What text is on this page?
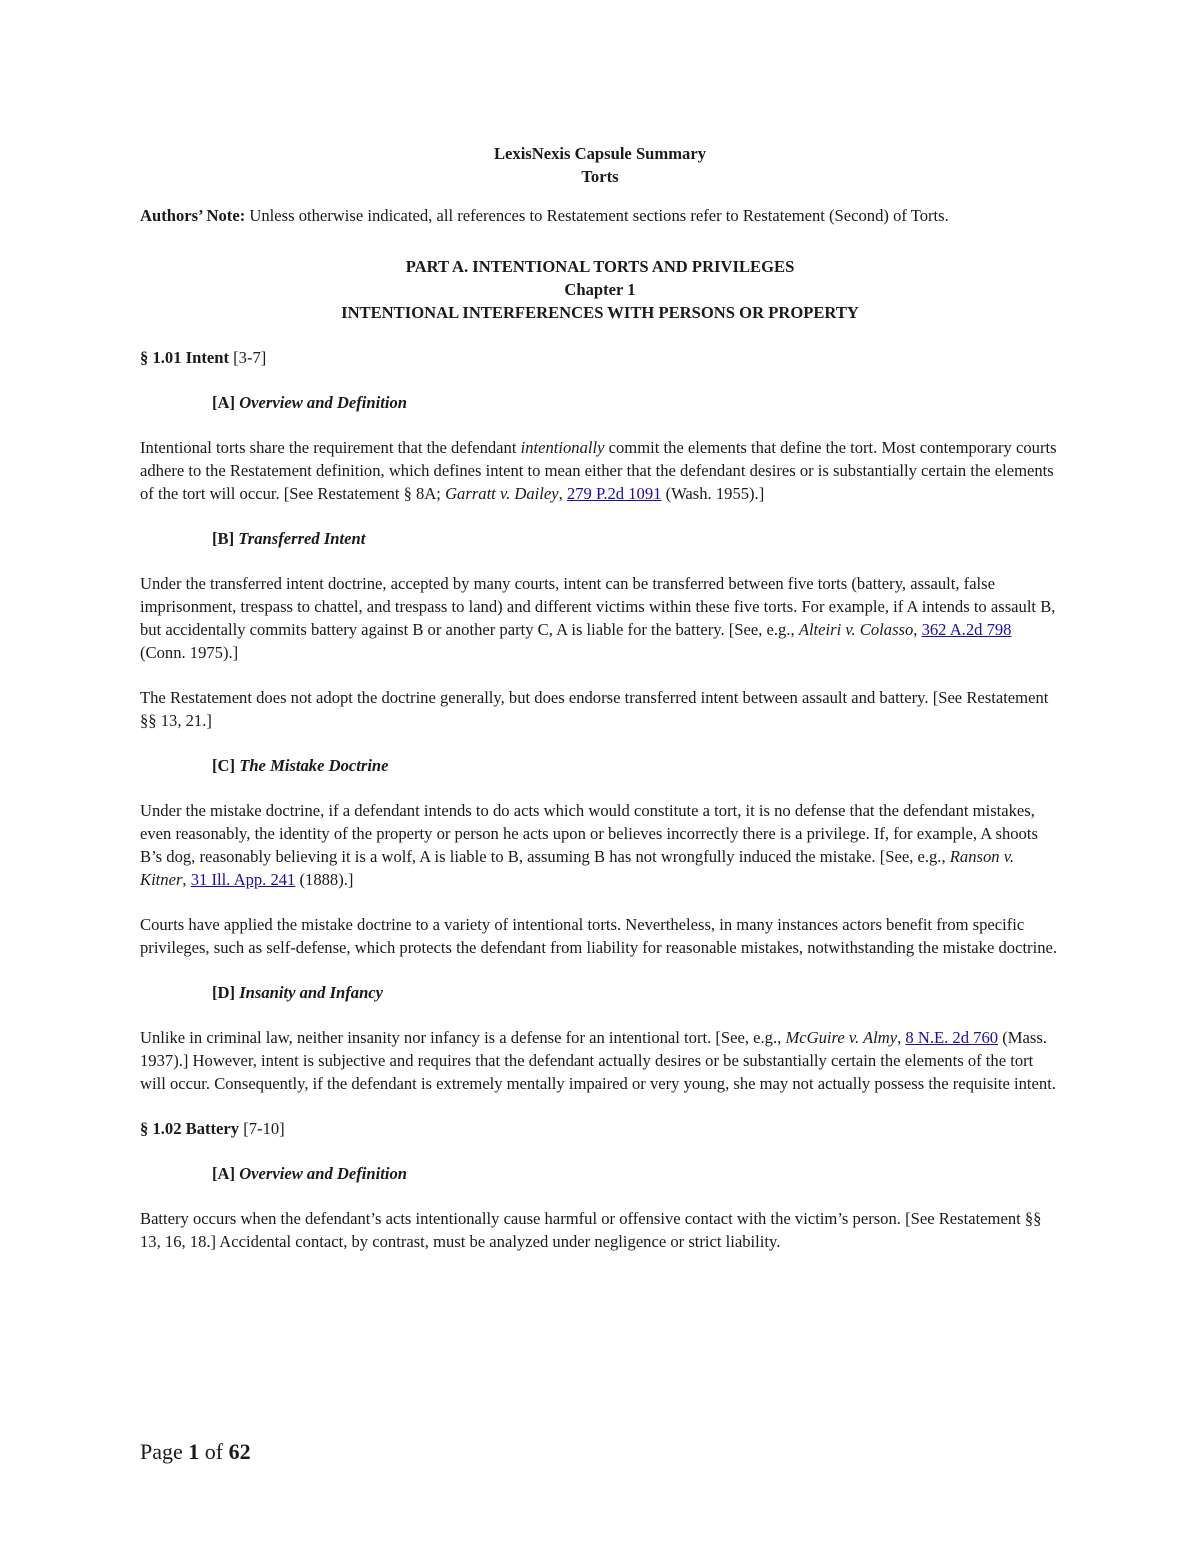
LexisNexis Capsule Summary

Torts

Authors’ Note: Unless otherwise indicated, all references to Restatement sections refer to Restatement (Second) of Torts.

PART A. INTENTIONAL TORTS AND PRIVILEGES

Chapter 1

INTENTIONAL INTERFERENCES WITH PERSONS OR PROPERTY

§ 1.01 Intent [3-7]

[A] Overview and Definition

Intentional torts share the requirement that the defendant intentionally commit the elements that define the tort. Most contemporary courts adhere to the Restatement definition, which defines intent to mean either that the defendant desires or is substantially certain the elements of the tort will occur. [See Restatement § 8A; Garratt v. Dailey, 279 P.2d 1091 (Wash. 1955).]

[B] Transferred Intent

Under the transferred intent doctrine, accepted by many courts, intent can be transferred between five torts (battery, assault, false imprisonment, trespass to chattel, and trespass to land) and different victims within these five torts. For example, if A intends to assault B, but accidentally commits battery against B or another party C, A is liable for the battery. [See, e.g., Alteiri v. Colasso, 362 A.2d 798 (Conn. 1975).]

The Restatement does not adopt the doctrine generally, but does endorse transferred intent between assault and battery. [See Restatement §§ 13, 21.]

[C] The Mistake Doctrine

Under the mistake doctrine, if a defendant intends to do acts which would constitute a tort, it is no defense that the defendant mistakes, even reasonably, the identity of the property or person he acts upon or believes incorrectly there is a privilege. If, for example, A shoots B’s dog, reasonably believing it is a wolf, A is liable to B, assuming B has not wrongfully induced the mistake. [See, e.g., Ranson v. Kitner, 31 Ill. App. 241 (1888).]

Courts have applied the mistake doctrine to a variety of intentional torts. Nevertheless, in many instances actors benefit from specific privileges, such as self-defense, which protects the defendant from liability for reasonable mistakes, notwithstanding the mistake doctrine.

[D] Insanity and Infancy

Unlike in criminal law, neither insanity nor infancy is a defense for an intentional tort. [See, e.g., McGuire v. Almy, 8 N.E. 2d 760 (Mass. 1937).] However, intent is subjective and requires that the defendant actually desires or be substantially certain the elements of the tort will occur. Consequently, if the defendant is extremely mentally impaired or very young, she may not actually possess the requisite intent.

§ 1.02 Battery [7-10]

[A] Overview and Definition

Battery occurs when the defendant’s acts intentionally cause harmful or offensive contact with the victim’s person. [See Restatement §§ 13, 16, 18.] Accidental contact, by contrast, must be analyzed under negligence or strict liability.

Page 1 of 62
